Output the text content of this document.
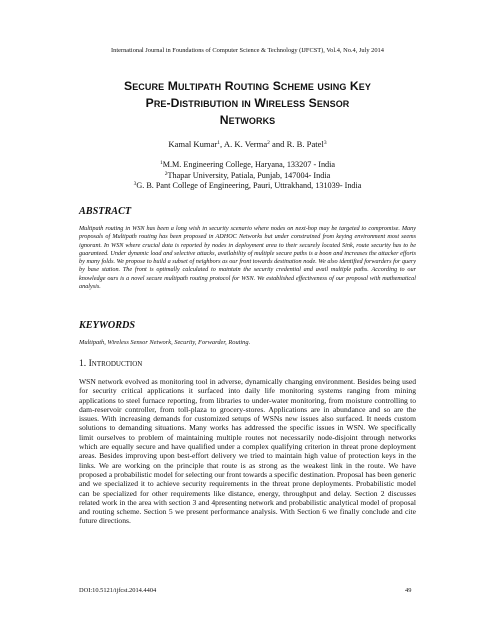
International Journal in Foundations of Computer Science & Technology (IJFCST), Vol.4, No.4, July 2014
Secure Multipath Routing Scheme using Key
Pre-Distribution in Wireless Sensor
Networks
Kamal Kumar$^1$, A. K. Verma$^2$ and R. B. Patel$^3$
$^1$M.M. Engineering College, Haryana, 133207 - India
$^2$Thapar University, Patiala, Punjab, 147004- India
$^3$G. B. Pant College of Engineering, Pauri, Uttrakhand, 131039- India
ABSTRACT
Multipath routing in WSN has been a long wish in security scenario where nodes on next-hop may be targeted to compromise. Many proposals of Multipath routing has been proposed in ADHOC Networks but under constrained from keying environment most seems ignorant. In WSN where crucial data is reported by nodes in deployment area to their securely located Sink, route security has to be guaranteed. Under dynamic load and selective attacks, availability of multiple secure paths is a boon and increases the attacker efforts by many folds. We propose to build a subset of neighbors as our front towards destination node. We also identified forwarders for query by base station. The front is optimally calculated to maintain the security credential and avail multiple paths. According to our knowledge ours is a novel secure multipath routing protocol for WSN. We established effectiveness of our proposal with mathematical analysis.
KEYWORDS
Multipath, Wireless Sensor Network, Security, Forwarder, Routing.
1. Introduction
WSN network evolved as monitoring tool in adverse, dynamically changing environment. Besides being used for security critical applications it surfaced into daily life monitoring systems ranging from mining applications to steel furnace reporting, from libraries to under-water monitoring, from moisture controlling to dam-reservoir controller, from toll-plaza to grocery-stores. Applications are in abundance and so are the issues. With increasing demands for customized setups of WSNs new issues also surfaced. It needs custom solutions to demanding situations. Many works has addressed the specific issues in WSN. We specifically limit ourselves to problem of maintaining multiple routes not necessarily node-disjoint through networks which are equally secure and have qualified under a complex qualifying criterion in threat prone deployment areas. Besides improving upon best-effort delivery we tried to maintain high value of protection keys in the links. We are working on the principle that route is as strong as the weakest link in the route. We have proposed a probabilistic model for selecting our front towards a specific destination. Proposal has been generic and we specialized it to achieve security requirements in the threat prone deployments. Probabilistic model can be specialized for other requirements like distance, energy, throughput and delay. Section 2 discusses related work in the area with section 3 and 4presenting network and probabilistic analytical model of proposal and routing scheme. Section 5 we present performance analysis. With Section 6 we finally conclude and cite future directions.
DOI:10.5121/ijfcst.2014.4404	49
